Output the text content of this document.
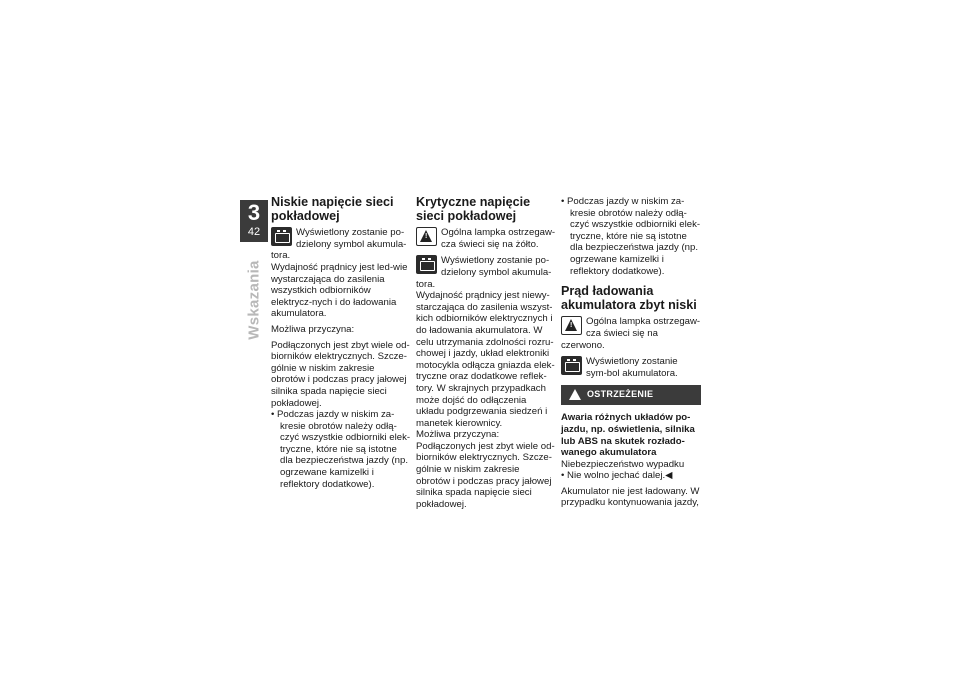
3
42
Wskazania
Niskie napięcie sieci pokładowej
Wyświetlony zostanie po-dzielony symbol akumula-tora.

Wydajność prądnicy jest led-wie wystarczająca do zasilenia wszystkich odbiorników elektrycz-nych i do ładowania akumulatora.

Możliwa przyczyna:

Podłączonych jest zbyt wiele od-biorników elektrycznych. Szcze-gólnie w niskim zakresie obrotów i podczas pracy jałowej silnika spada napięcie sieci pokładowej.

• Podczas jazdy w niskim za-kresie obrotów należy odłą-czyć wszystkie odbiorniki elek-tryczne, które nie są istotne dla bezpieczeństwa jazdy (np. ogrzewane kamizelki i reflektory dodatkowe).

Krytyczne napięcie sieci pokładowej
! Ogólna lampka ostrzegaw-cza świeci się na żółto.
Wyświetlony zostanie po-dzielony symbol akumula-tora.

Wydajność prądnicy jest niewy-starczająca do zasilenia wszyst-kich odbiorników elektrycznych i do ładowania akumulatora. W celu utrzymania zdolności rozru-chowej i jazdy, układ elektroniki motocykla odłącza gniazda elek-tryczne oraz dodatkowe reflek-tory. W skrajnych przypadkach może dojść do odłączenia układu podgrzewania siedzeń i manetek kierownicy.

Możliwa przyczyna:

Podłączonych jest zbyt wiele od-biorników elektrycznych. Szcze-gólnie w niskim zakresie obrotów i podczas pracy jałowej silnika spada napięcie sieci pokładowej.

• Podczas jazdy w niskim za-kresie obrotów należy odłą-czyć wszystkie odbiorniki elek-tryczne, które nie są istotne dla bezpieczeństwa jazdy (np. ogrzewane kamizelki i reflektory dodatkowe).

Prąd ładowania akumulatora zbyt niski
! Ogólna lampka ostrzegaw-cza świeci się na czerwono.
Wyświetlony zostanie sym-bol akumulatora.
OSTRZEŻENIE

Awaria różnych układów po-jazdu, np. oświetlenia, silnika lub ABS na skutek rozłado-wanego akumulatora

Niebezpieczeństwo wypadku

• Nie wolno jechać dalej.◀

Akumulator nie jest ładowany. W przypadku kontynuowania jazdy,
